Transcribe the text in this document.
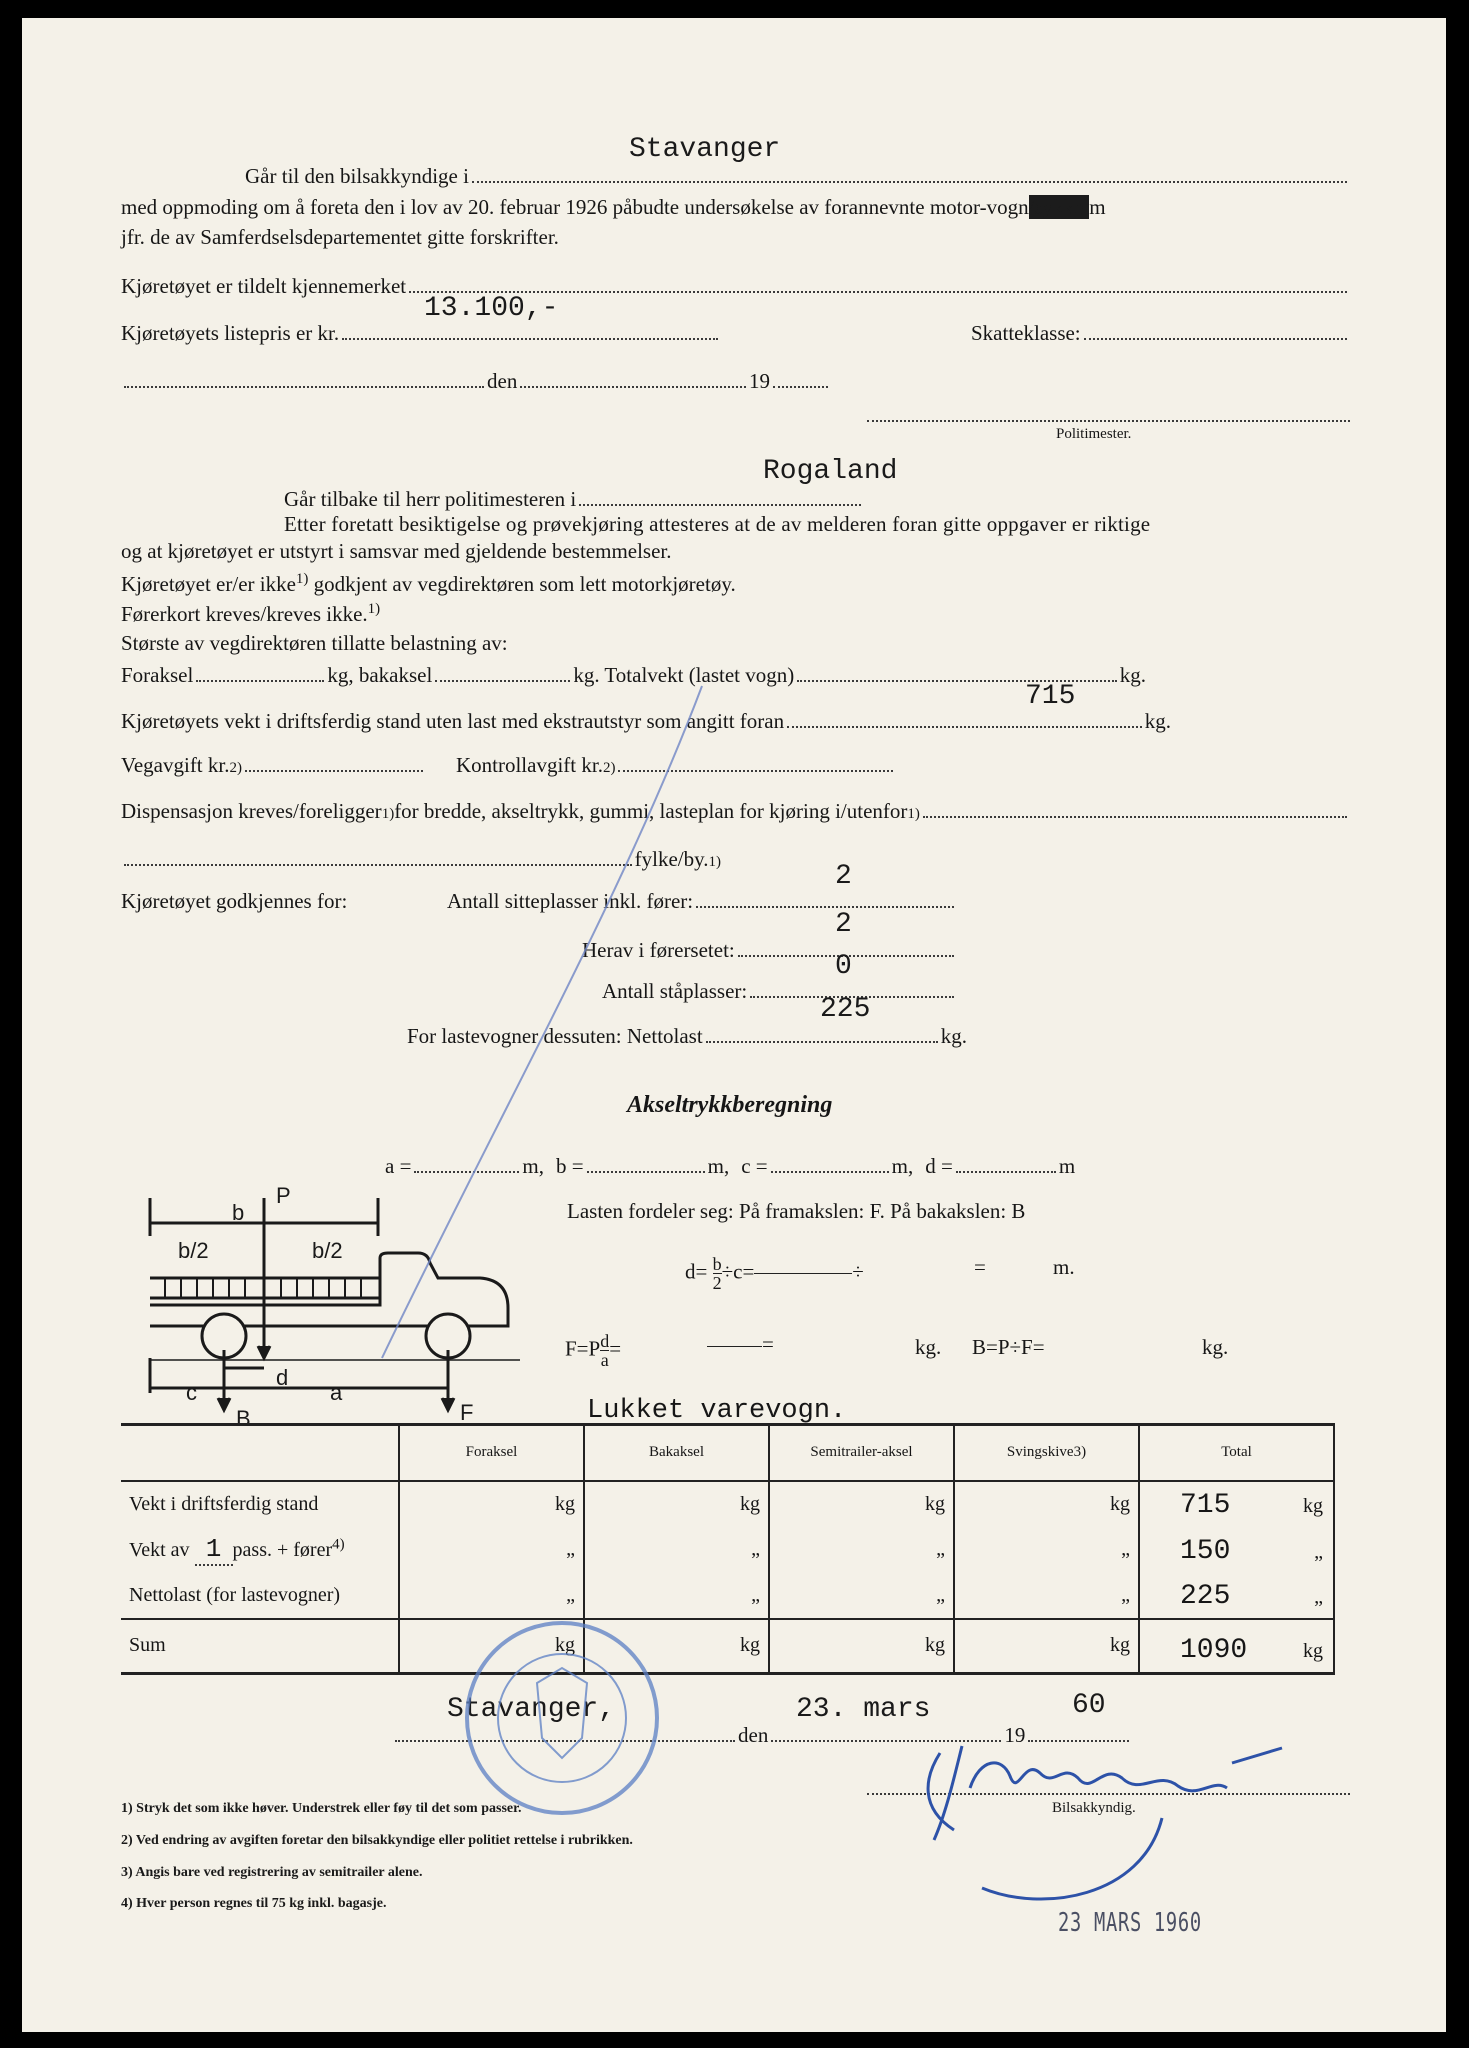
Går til den bilsakkyndige i
Stavanger
med oppmoding om å foreta den i lov av 20. februar 1926 påbudte undersøkelse av forannevnte motor-vogn/sykkelm
jfr. de av Samferdselsdepartementet gitte forskrifter.
Kjøretøyet er tildelt kjennemerket
Kjøretøyets listepris er kr.
13.100,-
Skatteklasse:
den	19
Politimester.
Går tilbake til herr politimesteren i
Rogaland
Etter foretatt besiktigelse og prøvekjøring attesteres at de av melderen foran gitte oppgaver er riktige
og at kjøretøyet er utstyrt i samsvar med gjeldende bestemmelser.
Kjøretøyet er/er ikke$^{1)}$ godkjent av vegdirektøren som lett motorkjøretøy.
Førerkort kreves/kreves ikke.$^{1)}$
Største av vegdirektøren tillatte belastning av:
Foraksel	kg, bakaksel	kg. Totalvekt (lastet vogn)	kg.
Kjøretøyets vekt i driftsferdig stand uten last med ekstrautstyr som angitt foran	kg.
715
Vegavgift kr. 2)	Kontrollavgift kr. 2)
Dispensasjon kreves/foreligger 1) for bredde, akseltrykk, gummi, lasteplan for kjøring i/utenfor 1)
fylke/by. 1)
Kjøretøyet godkjennes for:	Antall sitteplasser inkl. fører:
2
Herav i førersetet:
2
Antall ståplasser:
0
For lastevogner dessuten: Nettolast	kg.
225
Akseltrykkberegning
a =	m, b =	m, c =	m, d =	m
Lasten fordeler seg: På framakslen: F. På bakakslen: B
$d= \frac{b}{2} \div c=$	÷	=	m.
$F=P \frac{d}{a}$ =	=	kg. B=P÷F=	kg.
P
b
b/2	b/2
d
c	a
B	F	Lukket varevogn.
	Foraksel	Bakaksel	Semitrailer-aksel	Svingskive3)	Total
Vekt i driftsferdig stand	kg	kg	kg	kg	715 kg

Vekt av 1 pass. + fører$^{4)}$	„	„	„	„	150 „

Nettolast (for lastevogner)	„	„	„	„	225 „

Sum	kg	kg	kg	kg	1090 kg
den	19
Stavanger,	23. mars	60
Bilsakkyndig.
1) Stryk det som ikke høver. Understrek eller føy til det som passer.
2) Ved endring av avgiften foretar den bilsakkyndige eller politiet rettelse i rubrikken.
3) Angis bare ved registrering av semitrailer alene.
4) Hver person regnes til 75 kg inkl. bagasje.
23 MARS 1960
